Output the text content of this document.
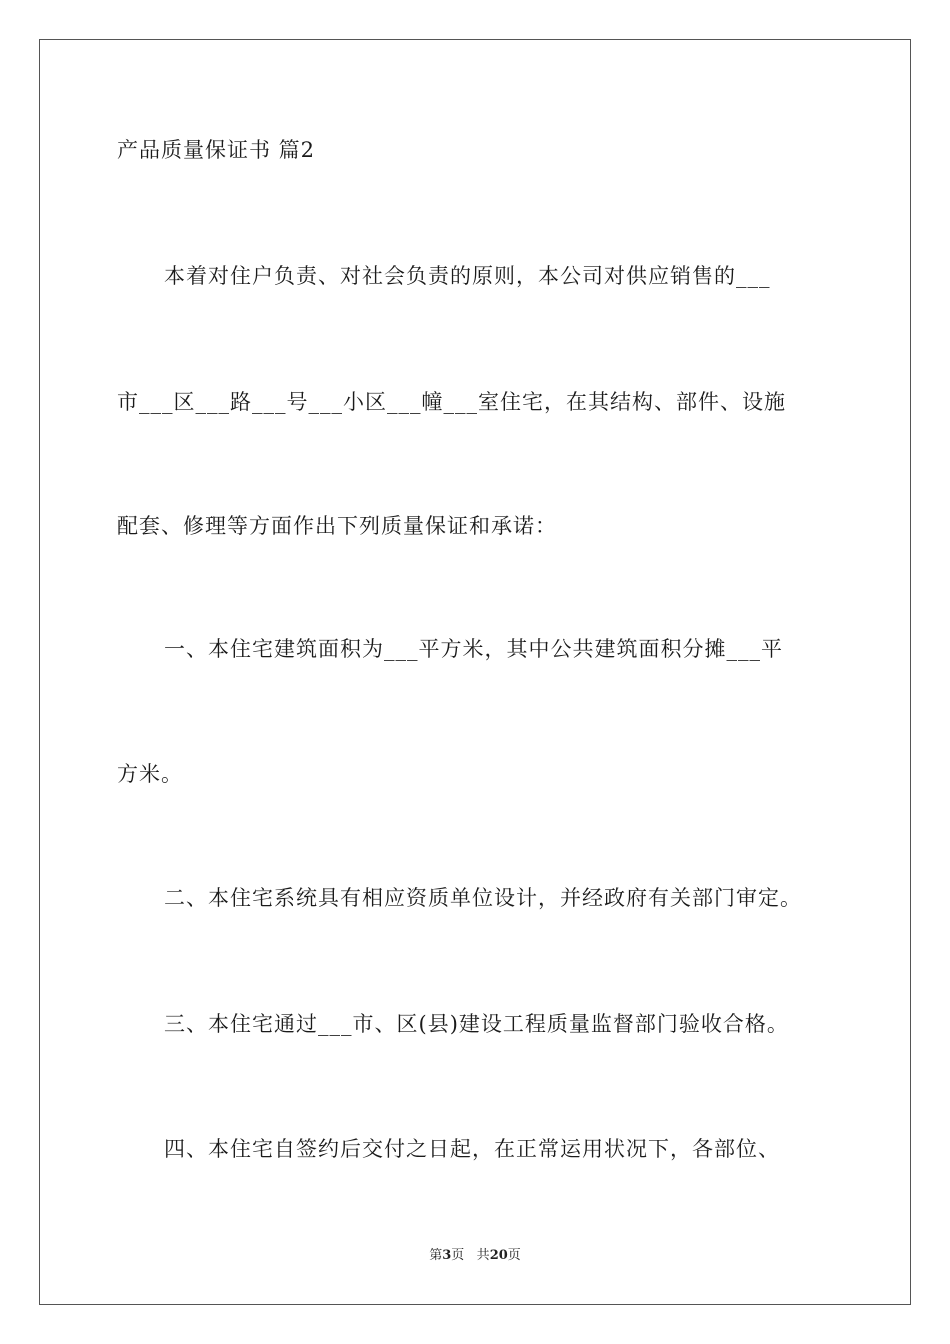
产品质量保证书 篇2
本着对住户负责、对社会负责的原则，本公司对供应销售的___
市___区___路___号___小区___幢___室住宅，在其结构、部件、设施
配套、修理等方面作出下列质量保证和承诺：
一、本住宅建筑面积为___平方米，其中公共建筑面积分摊___平
方米。
二、本住宅系统具有相应资质单位设计，并经政府有关部门审定。
三、本住宅通过___市、区(县)建设工程质量监督部门验收合格。
四、本住宅自签约后交付之日起，在正常运用状况下，各部位、
第3页 共20页
